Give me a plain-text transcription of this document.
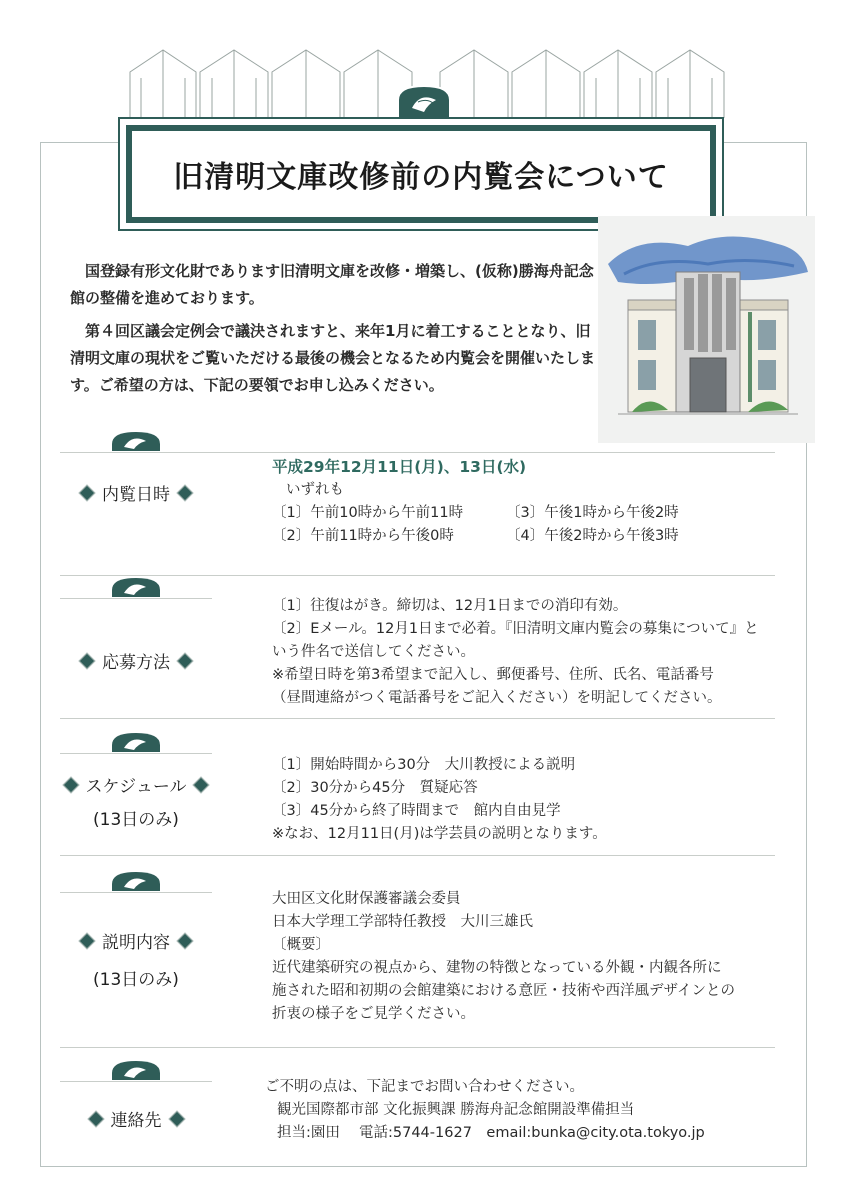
旧清明文庫改修前の内覧会について

国登録有形文化財であります旧清明文庫を改修・増築し、(仮称)勝海舟記念館の整備を進めております。

第４回区議会定例会で議決されますと、来年1月に着工することとなり、旧清明文庫の現状をご覧いただける最後の機会となるため内覧会を開催いたします。ご希望の方は、下記の要領でお申し込みください。

内覧日時
平成29年12月11日(月)、13日(水)
いずれも
〔1〕午前10時から午前11時	〔3〕午後1時から午後2時
〔2〕午前11時から午後0時	〔4〕午後2時から午後3時
応募方法
〔1〕往復はがき。締切は、12月1日までの消印有効。
〔2〕Eメール。12月1日まで必着。『旧清明文庫内覧会の募集について』と
いう件名で送信してください。
※希望日時を第3希望まで記入し、郵便番号、住所、氏名、電話番号
（昼間連絡がつく電話番号をご記入ください）を明記してください。
スケジュール
(13日のみ)
〔1〕開始時間から30分　大川教授による説明
〔2〕30分から45分　質疑応答
〔3〕45分から終了時間まで　館内自由見学
※なお、12月11日(月)は学芸員の説明となります。
説明内容
(13日のみ)
大田区文化財保護審議会委員
日本大学理工学部特任教授　大川三雄氏
〔概要〕
近代建築研究の視点から、建物の特徴となっている外観・内観各所に
施された昭和初期の会館建築における意匠・技術や西洋風デザインとの
折衷の様子をご見学ください。
連絡先
ご不明の点は、下記までお問い合わせください。
観光国際都市部 文化振興課 勝海舟記念館開設準備担当
担当:園田　 電話:5744-1627　email:bunka@city.ota.tokyo.jp
